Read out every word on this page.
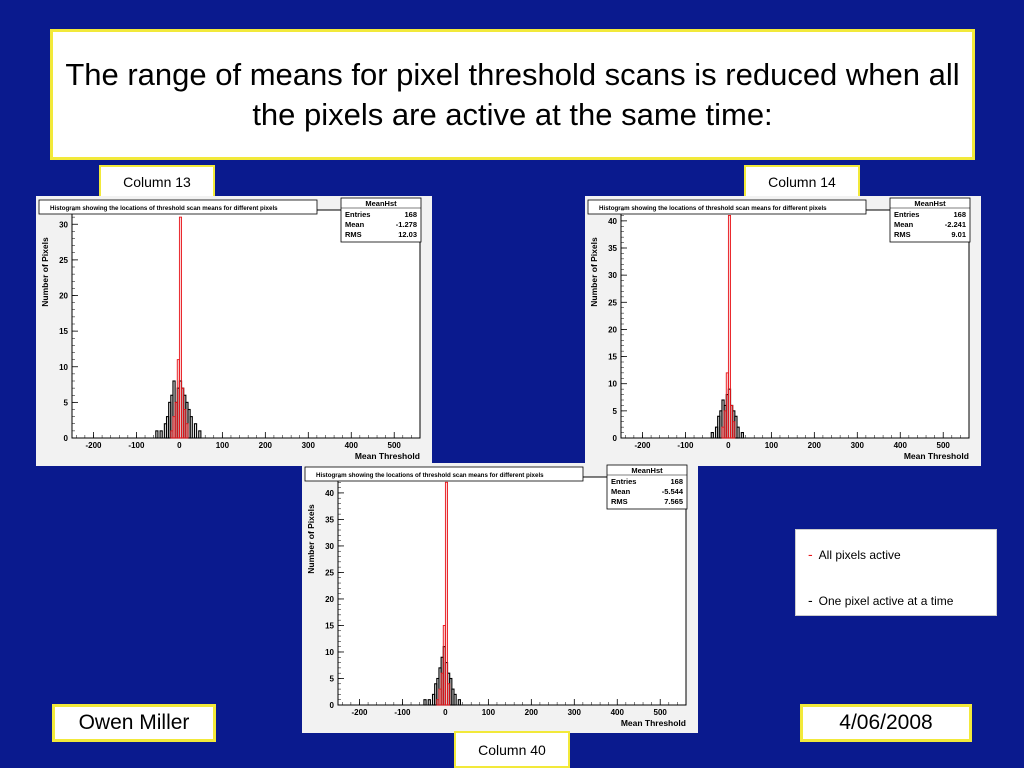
The range of means for pixel threshold scans is reduced when all the pixels are active at the same time:
Column 13	Column 14
Histogram showing the locations of threshold scan means for different pixels
MeanHst
Entries	168
Mean	-1.278
RMS	12.03
0
5
10
15
20
25
30
-200	-100	0	100	200	300	400	500
Mean Threshold
Number of Pixels
Histogram showing the locations of threshold scan means for different pixels
MeanHst
Entries	168
Mean	-2.241
RMS	9.01
0
5
10
15
20
25
30
35
40
-200	-100	0	100	200	300	400	500
Mean Threshold
Number of Pixels
Histogram showing the locations of threshold scan means for different pixels
MeanHst
Entries	168
Mean	-5.544
RMS	7.565
0
5
10
15
20
25
30
35
40
-200	-100	0	100	200	300	400	500
Mean Threshold
Number of Pixels	- All pixels active
- One pixel active at a time
Owen Miller	4/06/2008
Column 40
